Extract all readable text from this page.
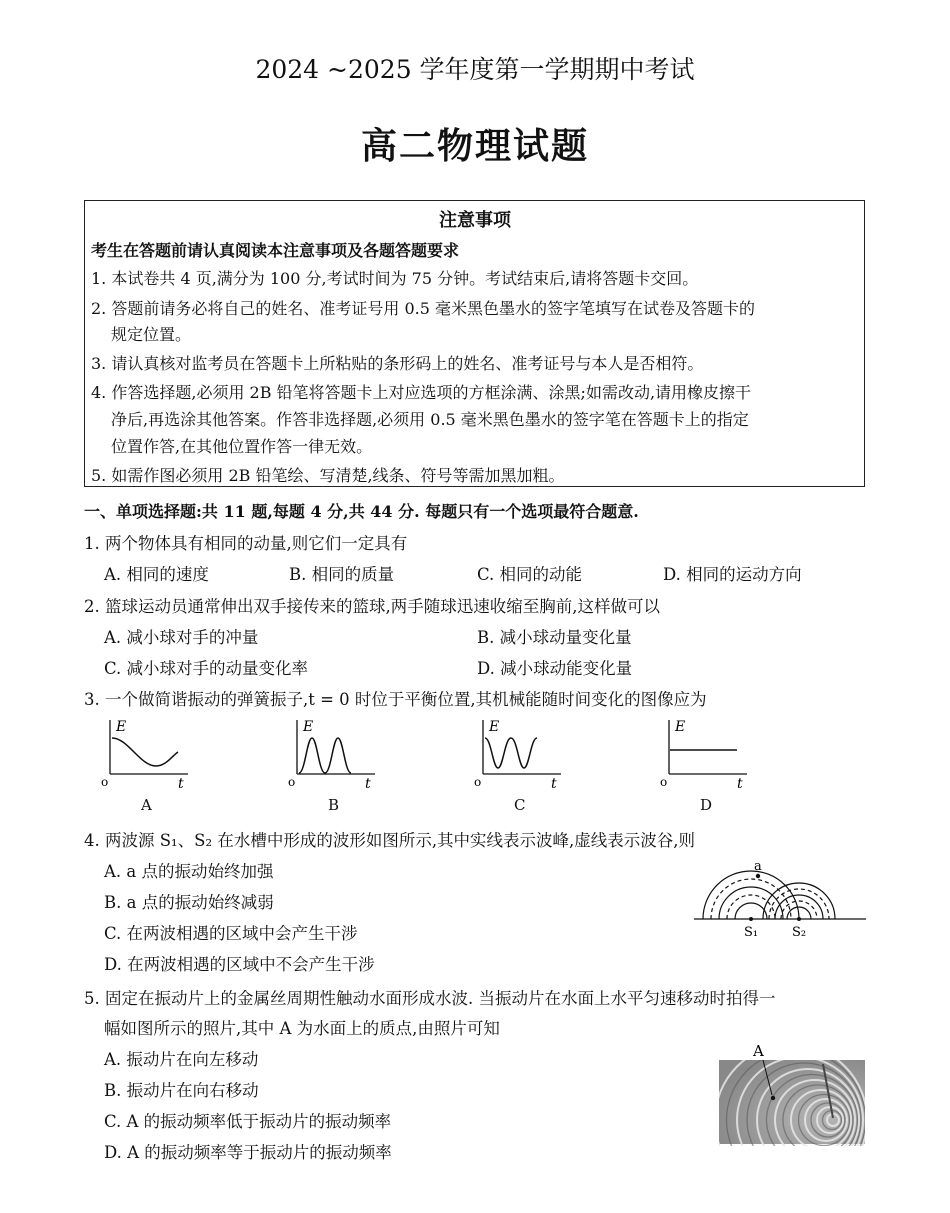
2024 ~2025 学年度第一学期期中考试
高二物理试题
注意事项
考生在答题前请认真阅读本注意事项及各题答题要求
1. 本试卷共 4 页,满分为 100 分,考试时间为 75 分钟。考试结束后,请将答题卡交回。
2. 答题前请务必将自己的姓名、准考证号用 0.5 毫米黑色墨水的签字笔填写在试卷及答题卡的
规定位置。
3. 请认真核对监考员在答题卡上所粘贴的条形码上的姓名、准考证号与本人是否相符。
4. 作答选择题,必须用 2B 铅笔将答题卡上对应选项的方框涂满、涂黑;如需改动,请用橡皮擦干
净后,再选涂其他答案。作答非选择题,必须用 0.5 毫米黑色墨水的签字笔在答题卡上的指定
位置作答,在其他位置作答一律无效。
5. 如需作图必须用 2B 铅笔绘、写清楚,线条、符号等需加黑加粗。
一、单项选择题:共 11 题,每题 4 分,共 44 分. 每题只有一个选项最符合题意.
1. 两个物体具有相同的动量,则它们一定具有
A. 相同的速度	B. 相同的质量	C. 相同的动能	D. 相同的运动方向
2. 篮球运动员通常伸出双手接传来的篮球,两手随球迅速收缩至胸前,这样做可以
A. 减小球对手的冲量	B. 减小球动量变化量
C. 减小球对手的动量变化率	D. 减小球动能变化量
3. 一个做简谐振动的弹簧振子,t = 0 时位于平衡位置,其机械能随时间变化的图像应为
E
o	t
A
E
o	t
B
E
o	t
C
E
o	t
D
4. 两波源 S₁、S₂ 在水槽中形成的波形如图所示,其中实线表示波峰,虚线表示波谷,则
A. a 点的振动始终加强
B. a 点的振动始终减弱
C. 在两波相遇的区域中会产生干涉
D. 在两波相遇的区域中不会产生干涉
a
S₁	S₂
5. 固定在振动片上的金属丝周期性触动水面形成水波. 当振动片在水面上水平匀速移动时拍得一
幅如图所示的照片,其中 A 为水面上的质点,由照片可知
A. 振动片在向左移动
B. 振动片在向右移动
C. A 的振动频率低于振动片的振动频率
D. A 的振动频率等于振动片的振动频率
A
